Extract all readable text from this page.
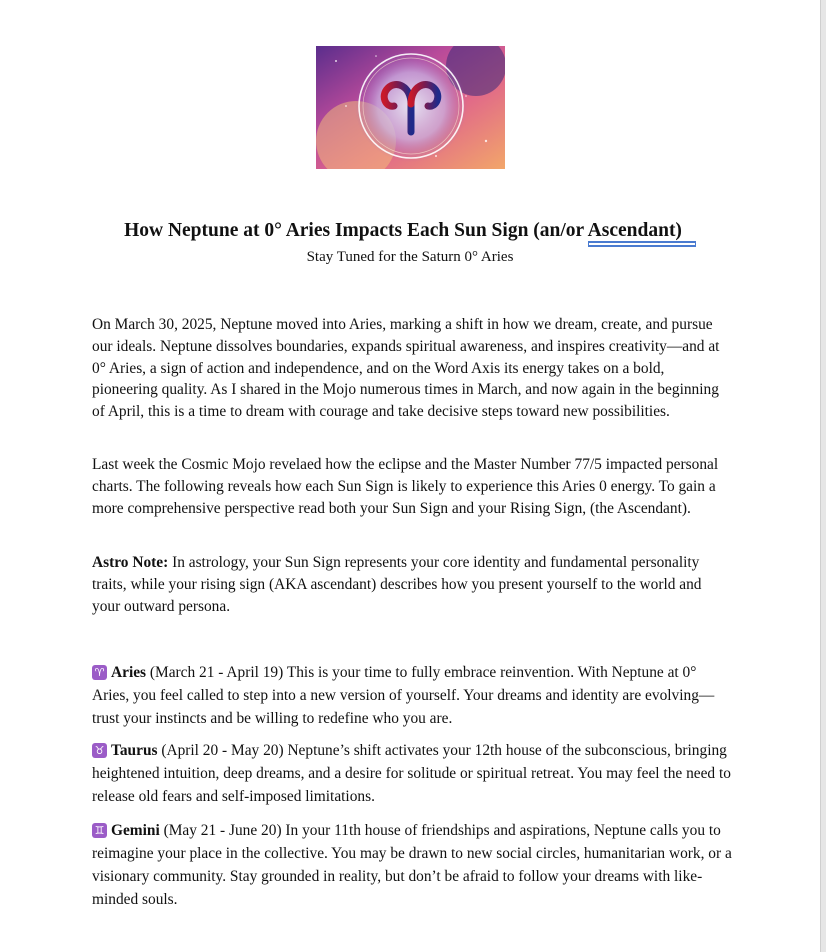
How Neptune at 0° Aries Impacts Each Sun Sign (an/or Ascendant)
Stay Tuned for the Saturn 0° Aries

On March 30, 2025, Neptune moved into Aries, marking a shift in how we dream, create, and pursue our ideals. Neptune dissolves boundaries, expands spiritual awareness, and inspires creativity—and at 0° Aries, a sign of action and independence, and on the Word Axis its energy takes on a bold, pioneering quality. As I shared in the Mojo numerous times in March, and now again in the beginning of April, this is a time to dream with courage and take decisive steps toward new possibilities.

Last week the Cosmic Mojo revelaed how the eclipse and the Master Number 77/5 impacted personal charts. The following reveals how each Sun Sign is likely to experience this Aries 0 energy. To gain a more comprehensive perspective read both your Sun Sign and your Rising Sign, (the Ascendant).

Astro Note: In astrology, your Sun Sign represents your core identity and fundamental personality traits, while your rising sign (AKA ascendant) describes how you present yourself to the world and your outward persona.

♈ Aries (March 21 - April 19) This is your time to fully embrace reinvention. With Neptune at 0° Aries, you feel called to step into a new version of yourself. Your dreams and identity are evolving—trust your instincts and be willing to redefine who you are.

♉ Taurus (April 20 - May 20) Neptune’s shift activates your 12th house of the subconscious, bringing heightened intuition, deep dreams, and a desire for solitude or spiritual retreat. You may feel the need to release old fears and self-imposed limitations.

♊ Gemini (May 21 - June 20) In your 11th house of friendships and aspirations, Neptune calls you to reimagine your place in the collective. You may be drawn to new social circles, humanitarian work, or a visionary community. Stay grounded in reality, but don’t be afraid to follow your dreams with like-minded souls.
